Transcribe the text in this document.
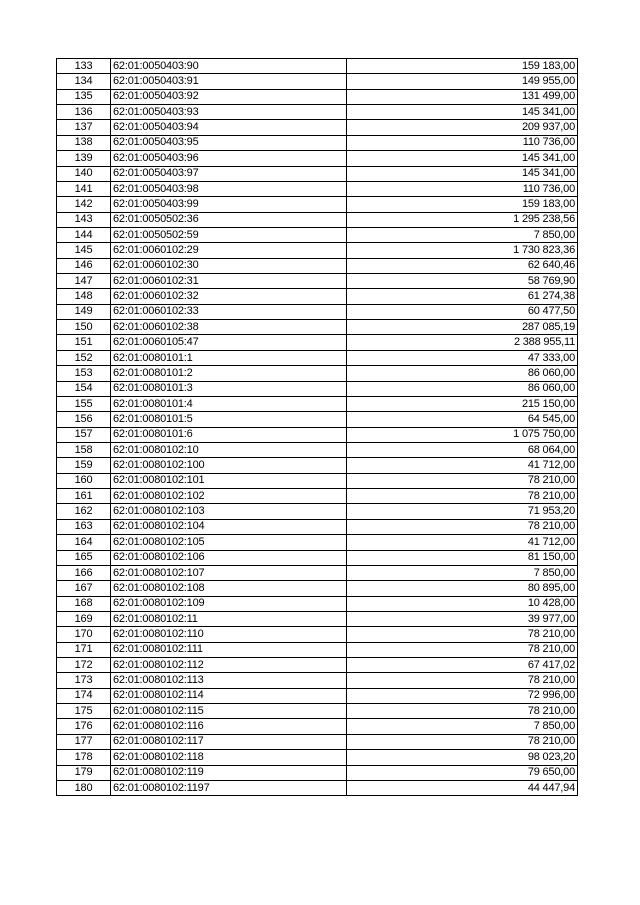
133	62:01:0050403:90	159 183,00
134	62:01:0050403:91	149 955,00
135	62:01:0050403:92	131 499,00
136	62:01:0050403:93	145 341,00
137	62:01:0050403:94	209 937,00
138	62:01:0050403:95	110 736,00
139	62:01:0050403:96	145 341,00
140	62:01:0050403:97	145 341,00
141	62:01:0050403:98	110 736,00
142	62:01:0050403:99	159 183,00
143	62:01:0050502:36	1 295 238,56
144	62:01:0050502:59	7 850,00
145	62:01:0060102:29	1 730 823,36
146	62:01:0060102:30	62 640,46
147	62:01:0060102:31	58 769,90
148	62:01:0060102:32	61 274,38
149	62:01:0060102:33	60 477,50
150	62:01:0060102:38	287 085,19
151	62:01:0060105:47	2 388 955,11
152	62:01:0080101:1	47 333,00
153	62:01:0080101:2	86 060,00
154	62:01:0080101:3	86 060,00
155	62:01:0080101:4	215 150,00
156	62:01:0080101:5	64 545,00
157	62:01:0080101:6	1 075 750,00
158	62:01:0080102:10	68 064,00
159	62:01:0080102:100	41 712,00
160	62:01:0080102:101	78 210,00
161	62:01:0080102:102	78 210,00
162	62:01:0080102:103	71 953,20
163	62:01:0080102:104	78 210,00
164	62:01:0080102:105	41 712,00
165	62:01:0080102:106	81 150,00
166	62:01:0080102:107	7 850,00
167	62:01:0080102:108	80 895,00
168	62:01:0080102:109	10 428,00
169	62:01:0080102:11	39 977,00
170	62:01:0080102:110	78 210,00
171	62:01:0080102:111	78 210,00
172	62:01:0080102:112	67 417,02
173	62:01:0080102:113	78 210,00
174	62:01:0080102:114	72 996,00
175	62:01:0080102:115	78 210,00
176	62:01:0080102:116	7 850,00
177	62:01:0080102:117	78 210,00
178	62:01:0080102:118	98 023,20
179	62:01:0080102:119	79 650,00
180	62:01:0080102:1197	44 447,94
